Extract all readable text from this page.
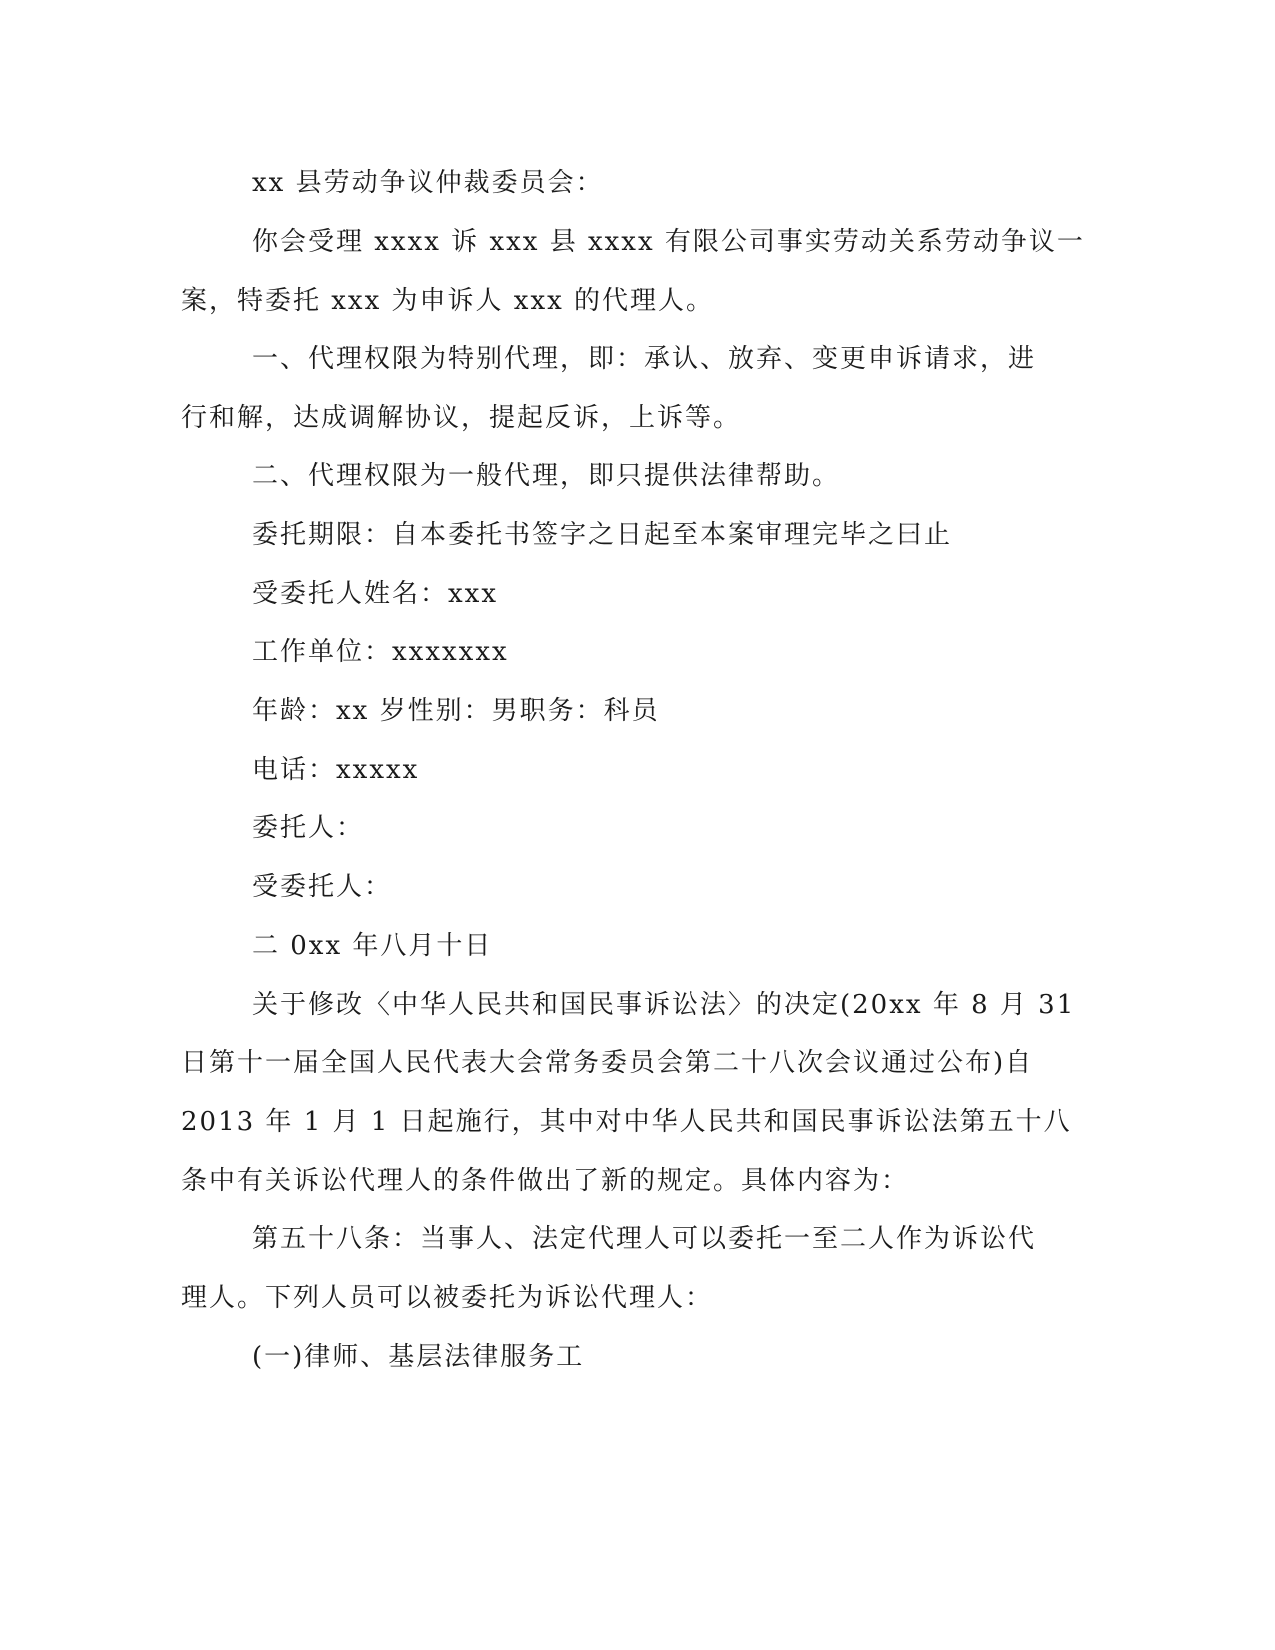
xx 县劳动争议仲裁委员会：
你会受理 xxxx 诉 xxx 县 xxxx 有限公司事实劳动关系劳动争议一
案，特委托 xxx 为申诉人 xxx 的代理人。
一、代理权限为特别代理，即：承认、放弃、变更申诉请求，进
行和解，达成调解协议，提起反诉，上诉等。
二、代理权限为一般代理，即只提供法律帮助。
委托期限：自本委托书签字之日起至本案审理完毕之曰止
受委托人姓名：xxx
工作单位：xxxxxxx
年龄：xx 岁性别：男职务：科员
电话：xxxxx
委托人：
受委托人：
二 0xx 年八月十日
关于修改〈中华人民共和国民事诉讼法〉的决定(20xx 年 8 月 31
日第十一届全国人民代表大会常务委员会第二十八次会议通过公布)自
2013 年 1 月 1 日起施行，其中对中华人民共和国民事诉讼法第五十八
条中有关诉讼代理人的条件做出了新的规定。具体内容为：
第五十八条：当事人、法定代理人可以委托一至二人作为诉讼代
理人。下列人员可以被委托为诉讼代理人：
(一)律师、基层法律服务工
